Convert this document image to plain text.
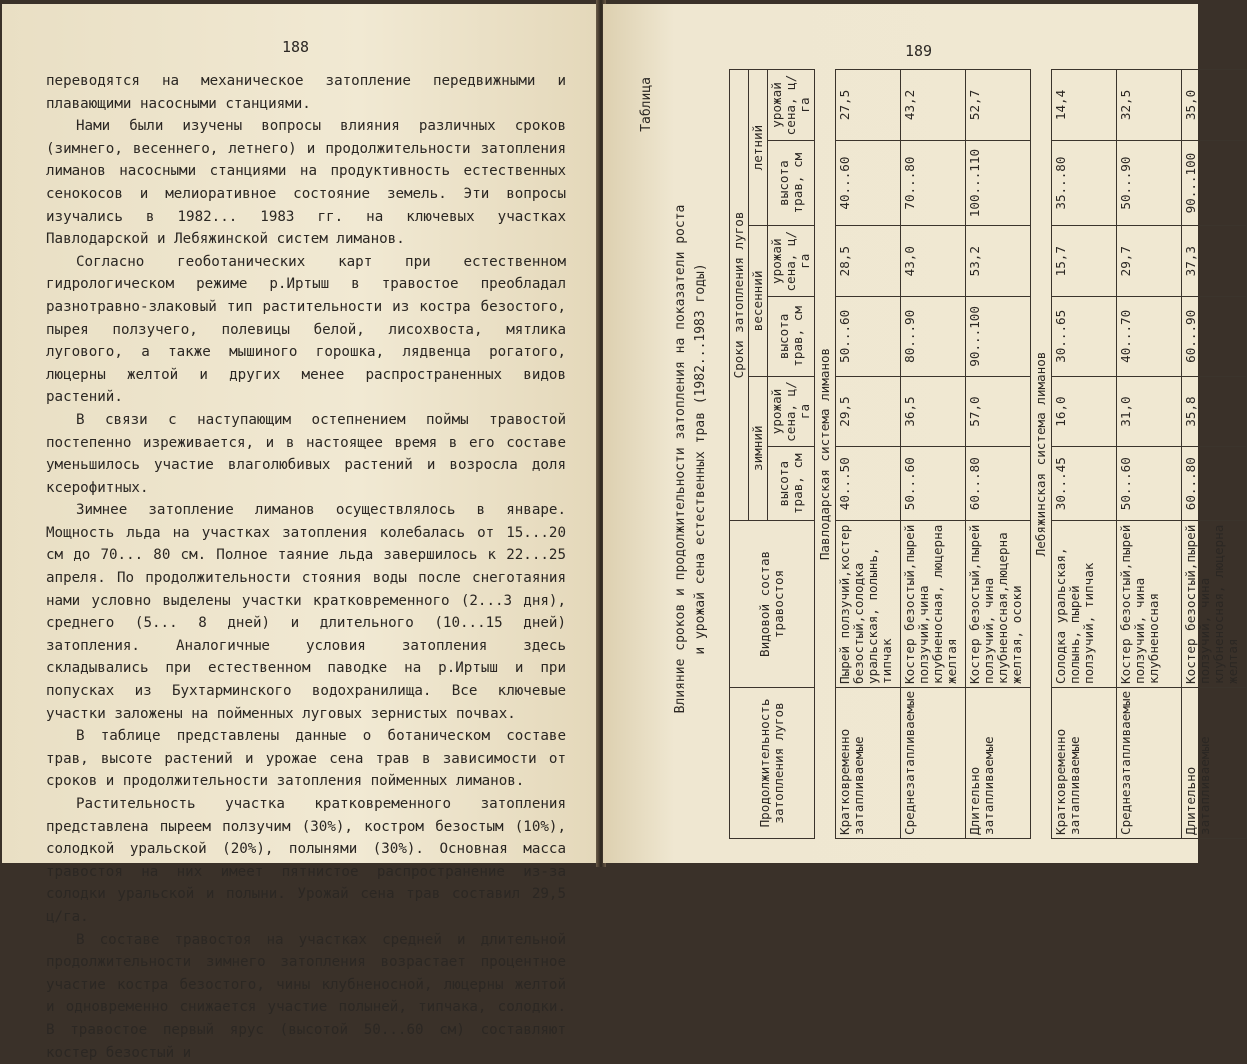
188

переводятся на механическое затопление передвижными и плавающими насосными станциями.

Нами были изучены вопросы влияния различных сроков (зимнего, весеннего, летнего) и продолжительности затопления лиманов насосными станциями на продуктивность естественных сенокосов и мелиоративное состояние земель. Эти вопросы изучались в 1982... 1983 гг. на ключевых участках Павлодарской и Лебяжинской систем лиманов.

Согласно геоботанических карт при естественном гидрологическом режиме р.Иртыш в травостое преобладал разнотравно-злаковый тип растительности из костра безостого, пырея ползучего, полевицы белой, лисохвоста, мятлика лугового, а также мышиного горошка, лядвенца рогатого, люцерны желтой и других менее распространенных видов растений.

В связи с наступающим остепнением поймы травостой постепенно изреживается, и в настоящее время в его составе уменьшилось участие влаголюбивых растений и возросла доля ксерофитных.

Зимнее затопление лиманов осуществлялось в январе. Мощность льда на участках затопления колебалась от 15...20 см до 70... 80 см. Полное таяние льда завершилось к 22...25 апреля. По продолжительности стояния воды после снеготаяния нами условно выделены участки кратковременного (2...3 дня), среднего (5... 8 дней) и длительного (10...15 дней) затопления. Аналогичные условия затопления здесь складывались при естественном паводке на р.Иртыш и при попусках из Бухтарминского водохранилища. Все ключевые участки заложены на пойменных луговых зернистых почвах.

В таблице представлены данные о ботаническом составе трав, высоте растений и урожае сена трав в зависимости от сроков и продолжительности затопления пойменных лиманов.

Растительность участка кратковременного затопления представлена пыреем ползучим (30%), костром безостым (10%), солодкой уральской (20%), полынями (30%). Основная масса травостоя на них имеет пятнистое распространение из-за солодки уральской и полыни. Урожай сена трав составил 29,5 ц/га.

В составе травостоя на участках средней и длительной продолжительности зимнего затопления возрастает процентное участие костра безостого, чины клубненосной, люцерны желтой и одновременно снижается участие полыней, типчака, солодки. В травостое первый ярус (высотой 50...60 см) составляют костер безостый и

189
Таблица
Влияние сроков и продолжительности затопления на показатели роста и урожай сена естественных трав (1982...1983 годы)
Продолжительность затопления лугов	Видовой состав травостоя	Сроки затопления лугов					
		зимний		весенний		летний	
		высота трав, см	урожай сена, ц/га	высота трав, см	урожай сена, ц/га	высота трав, см	урожай сена, ц/га
Павлодарская система лиманов							
Кратковременно затапливаемые	Пырей ползучий,костер безостый,солодка уральская, полынь, типчак	40...50	29,5	50...60	28,5	40...60	27,5
Среднезатапливаемые	Костер безостый,пырей ползучий,чина клубненосная, люцерна желтая	50...60	36,5	80...90	43,0	70...80	43,2
Длительно затапливаемые	Костер безостый,пырей ползучий, чина клубненосная,люцерна желтая, осоки	60...80	57,0	90...100	53,2	100...110	52,7
Лебяжинская система лиманов							
Кратковременно затапливаемые	Солодка уральская, полынь, пырей ползучий, типчак	30...45	16,0	30...65	15,7	35...80	14,4
Среднезатапливаемые	Костер безостый,пырей ползучий, чина клубненосная	50...60	31,0	40...70	29,7	50...90	32,5
Длительно затапливаемые	Костер безостый,пырей ползучий, чина клубненосная, люцерна желтая	60...80	35,8	60...90	37,3	90...100	35,0
